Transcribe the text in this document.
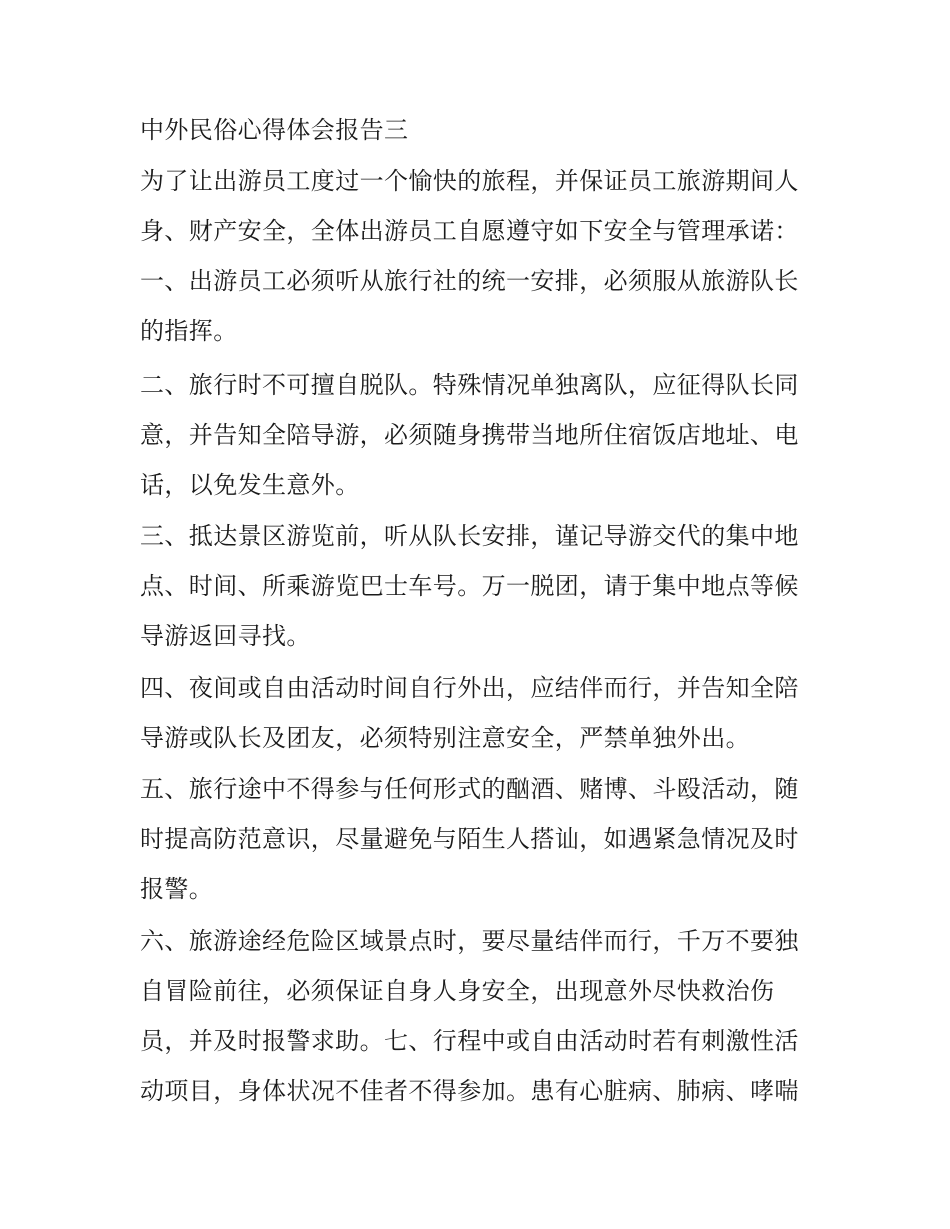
中外民俗心得体会报告三
为了让出游员工度过一个愉快的旅程，并保证员工旅游期间人
身、财产安全，全体出游员工自愿遵守如下安全与管理承诺：
一、出游员工必须听从旅行社的统一安排，必须服从旅游队长
的指挥。
二、旅行时不可擅自脱队。特殊情况单独离队，应征得队长同
意，并告知全陪导游，必须随身携带当地所住宿饭店地址、电
话，以免发生意外。
三、抵达景区游览前，听从队长安排，谨记导游交代的集中地
点、时间、所乘游览巴士车号。万一脱团，请于集中地点等候
导游返回寻找。
四、夜间或自由活动时间自行外出，应结伴而行，并告知全陪
导游或队长及团友，必须特别注意安全，严禁单独外出。
五、旅行途中不得参与任何形式的酗酒、赌博、斗殴活动，随
时提高防范意识，尽量避免与陌生人搭讪，如遇紧急情况及时
报警。
六、旅游途经危险区域景点时，要尽量结伴而行，千万不要独
自冒险前往，必须保证自身人身安全，出现意外尽快救治伤
员，并及时报警求助。七、行程中或自由活动时若有刺激性活
动项目，身体状况不佳者不得参加。患有心脏病、肺病、哮喘
